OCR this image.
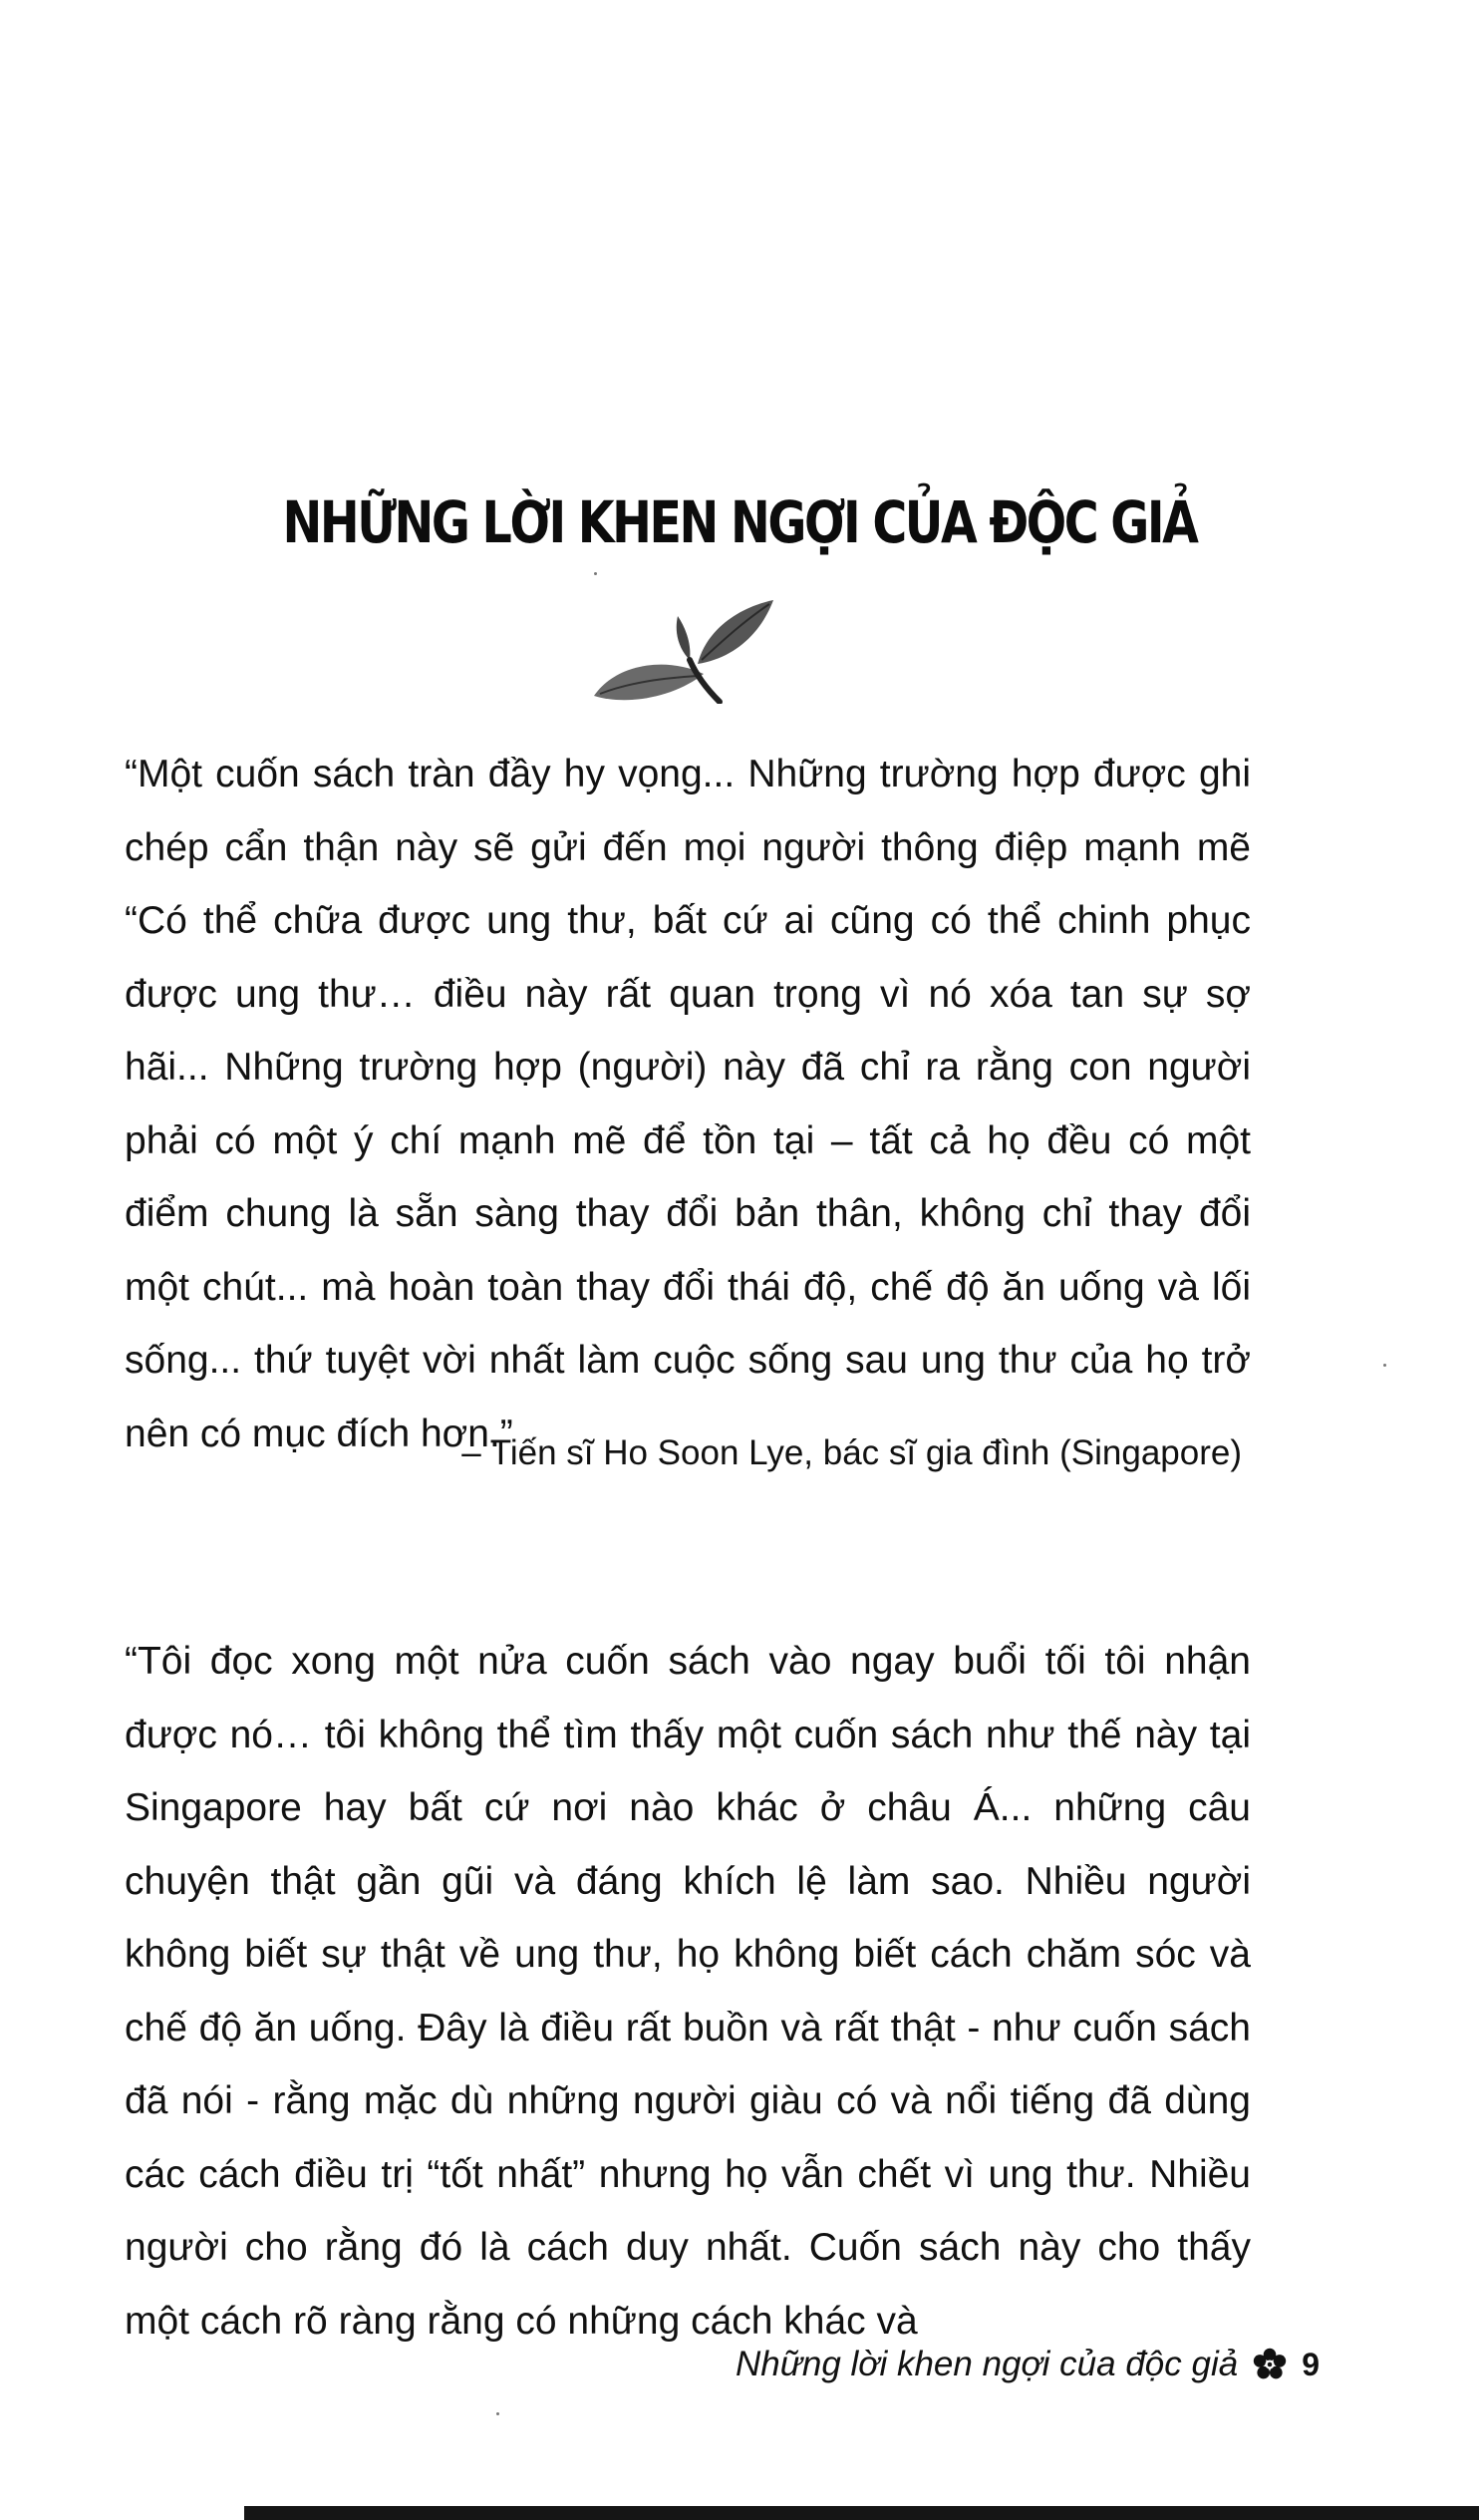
NHỮNG LỜI KHEN NGỢI CỦA ĐỘC GIẢ

“Một cuốn sách tràn đầy hy vọng... Những trường hợp được ghi chép cẩn thận này sẽ gửi đến mọi người thông điệp mạnh mẽ “Có thể chữa được ung thư, bất cứ ai cũng có thể chinh phục được ung thư… điều này rất quan trọng vì nó xóa tan sự sợ hãi... Những trường hợp (người) này đã chỉ ra rằng con người phải có một ý chí mạnh mẽ để tồn tại – tất cả họ đều có một điểm chung là sẵn sàng thay đổi bản thân, không chỉ thay đổi một chút... mà hoàn toàn thay đổi thái độ, chế độ ăn uống và lối sống... thứ tuyệt vời nhất làm cuộc sống sau ung thư của họ trở nên có mục đích hơn.”

– Tiến sĩ Ho Soon Lye, bác sĩ gia đình (Singapore)

“Tôi đọc xong một nửa cuốn sách vào ngay buổi tối tôi nhận được nó… tôi không thể tìm thấy một cuốn sách như thế này tại Singapore hay bất cứ nơi nào khác ở châu Á... những câu chuyện thật gần gũi và đáng khích lệ làm sao. Nhiều người không biết sự thật về ung thư, họ không biết cách chăm sóc và chế độ ăn uống. Đây là điều rất buồn và rất thật - như cuốn sách đã nói - rằng mặc dù những người giàu có và nổi tiếng đã dùng các cách điều trị “tốt nhất” nhưng họ vẫn chết vì ung thư. Nhiều người cho rằng đó là cách duy nhất. Cuốn sách này cho thấy một cách rõ ràng rằng có những cách khác và

Những lời khen ngợi của độc giả 9
